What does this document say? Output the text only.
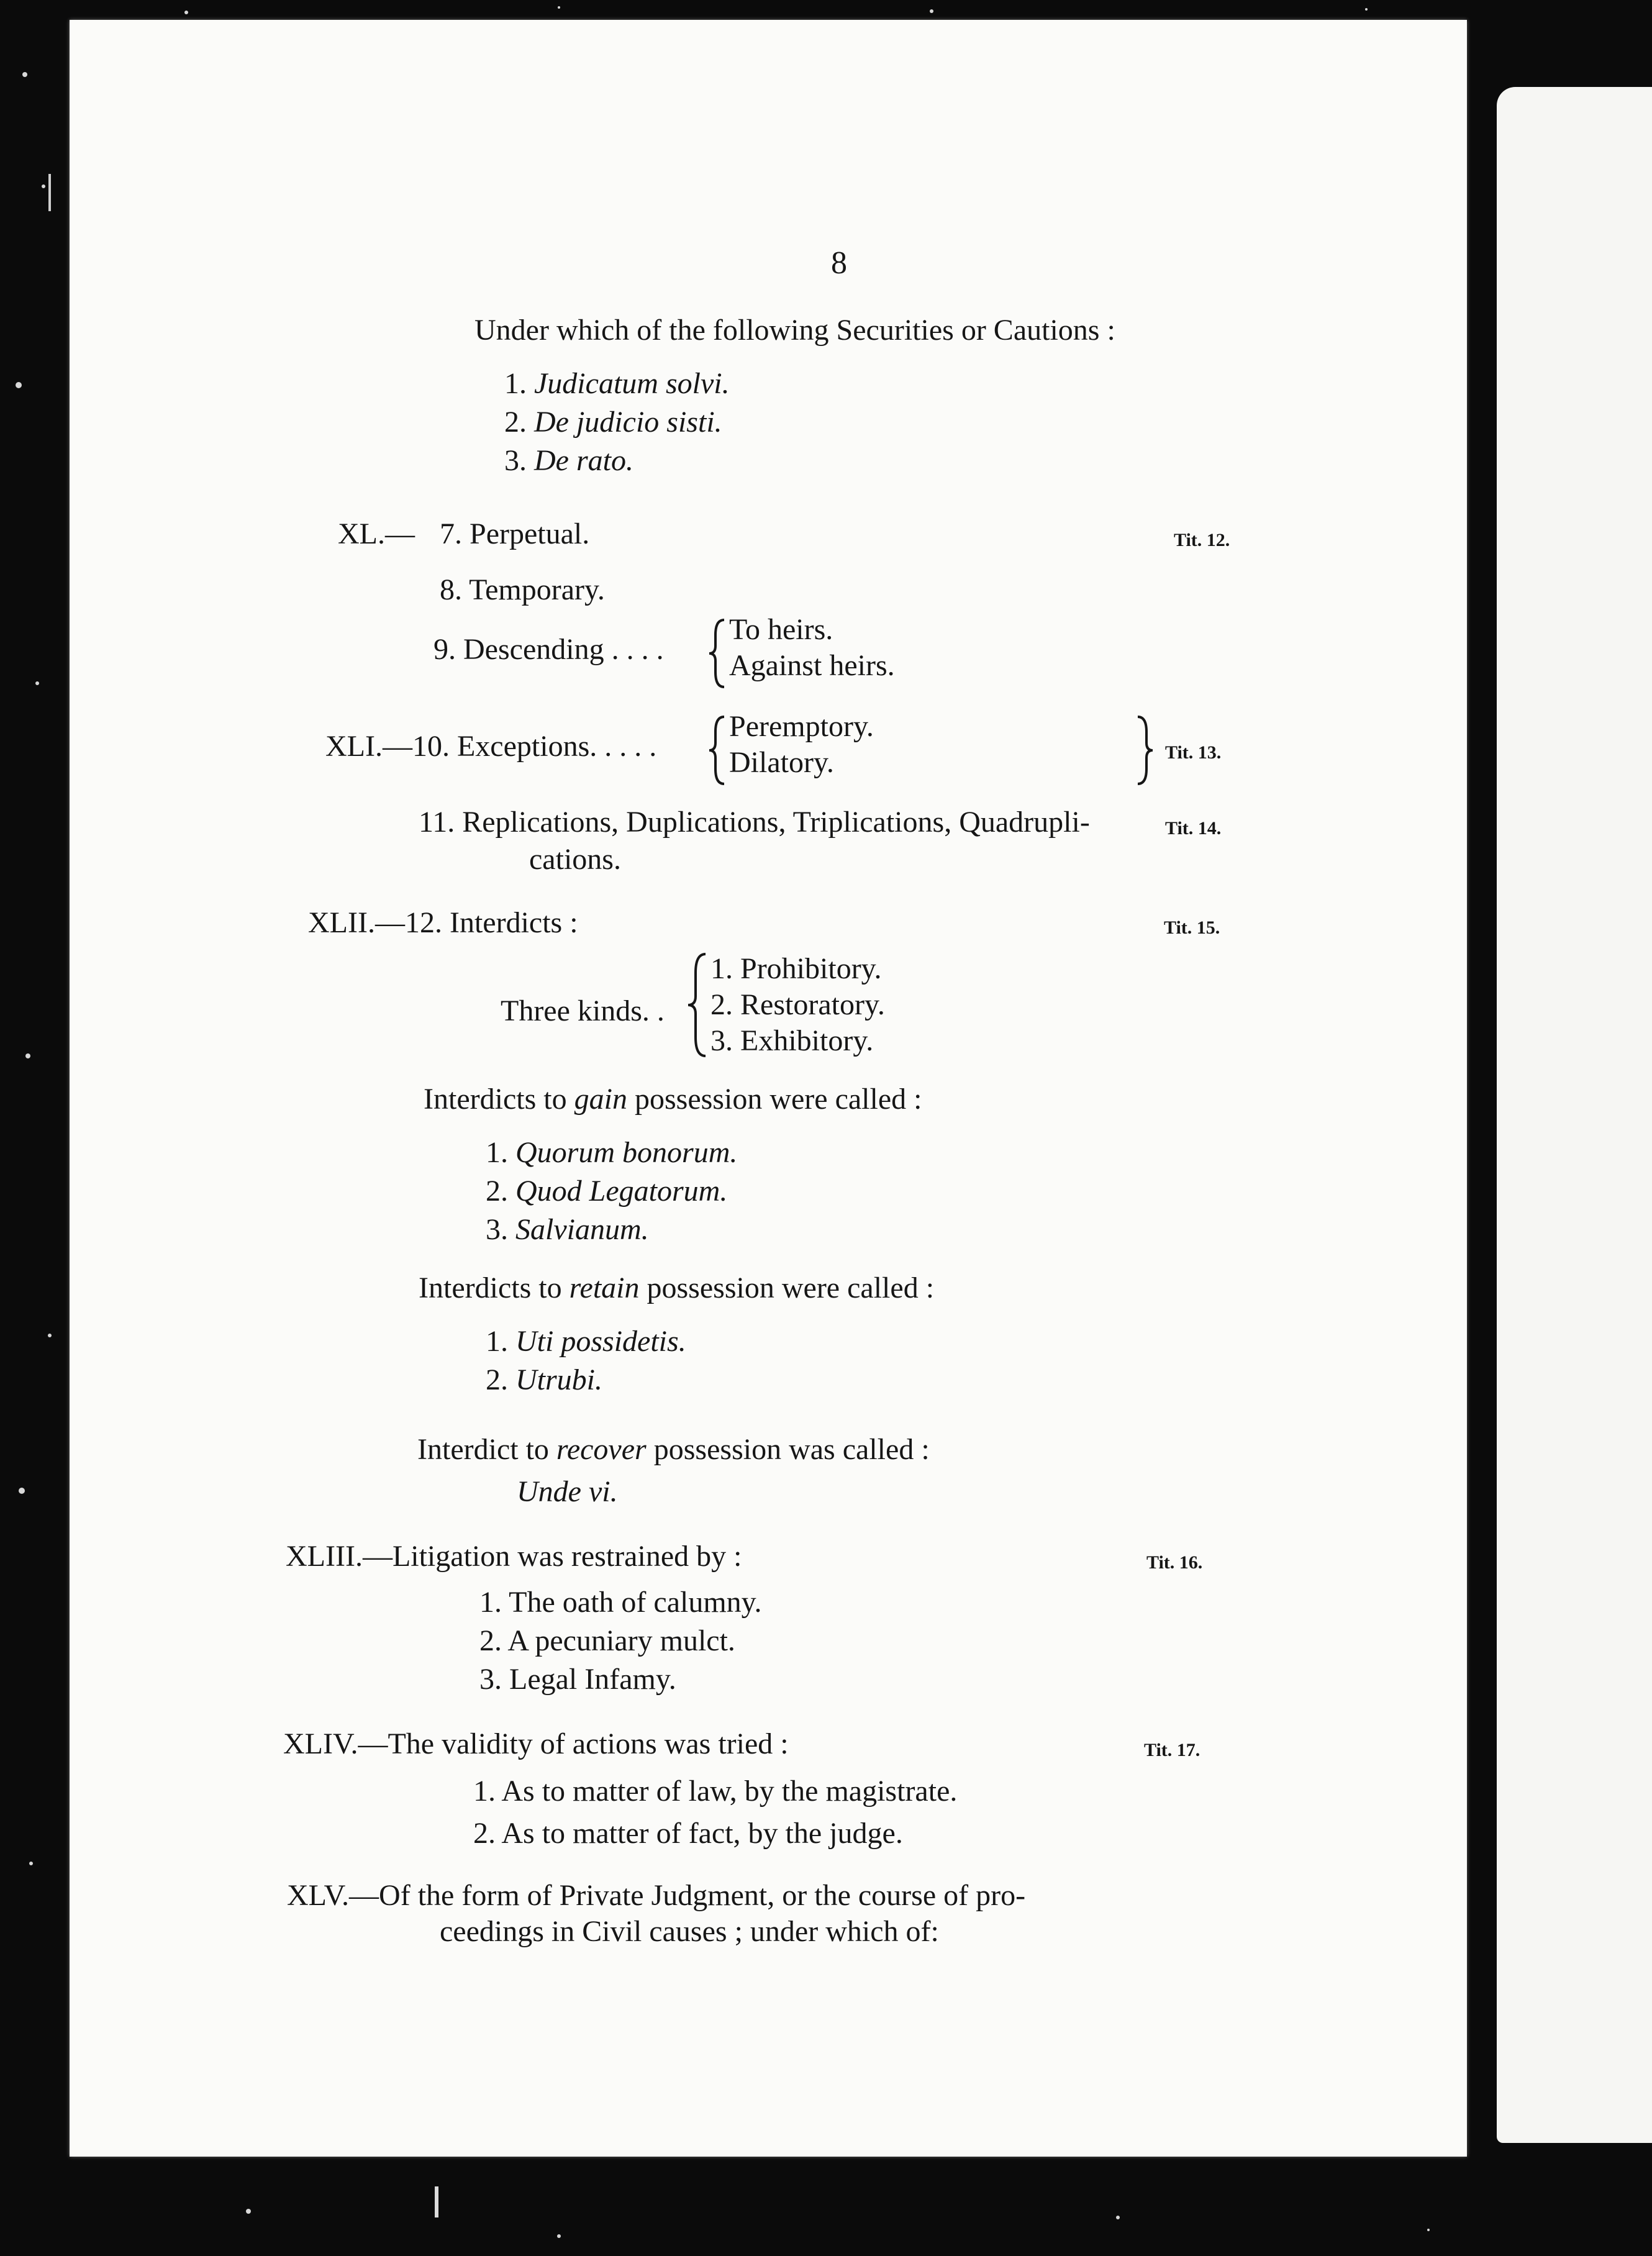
8
Under which of the following Securities or Cautions :
1. Judicatum solvi.
2. De judicio sisti.
3. De rato.
XL.— 7. Perpetual.	Tit. 12.
8. Temporary.
9. Descending . . . .
To heirs.
Against heirs.
XLI.—10. Exceptions. . . . .
Peremptory.
Dilatory.	Tit. 13.
11. Replications, Duplications, Triplications, Quadrupli-	Tit. 14.
cations.
XLII.—12. Interdicts :	Tit. 15.
Three kinds. .
1. Prohibitory.
2. Restoratory.
3. Exhibitory.
Interdicts to gain possession were called :
1. Quorum bonorum.
2. Quod Legatorum.
3. Salvianum.
Interdicts to retain possession were called :
1. Uti possidetis.
2. Utrubi.
Interdict to recover possession was called :
Unde vi.
XLIII.—Litigation was restrained by :	Tit. 16.
1. The oath of calumny.
2. A pecuniary mulct.
3. Legal Infamy.
XLIV.—The validity of actions was tried :	Tit. 17.
1. As to matter of law, by the magistrate.
2. As to matter of fact, by the judge.
XLV.—Of the form of Private Judgment, or the course of pro-
ceedings in Civil causes ; under which of:
